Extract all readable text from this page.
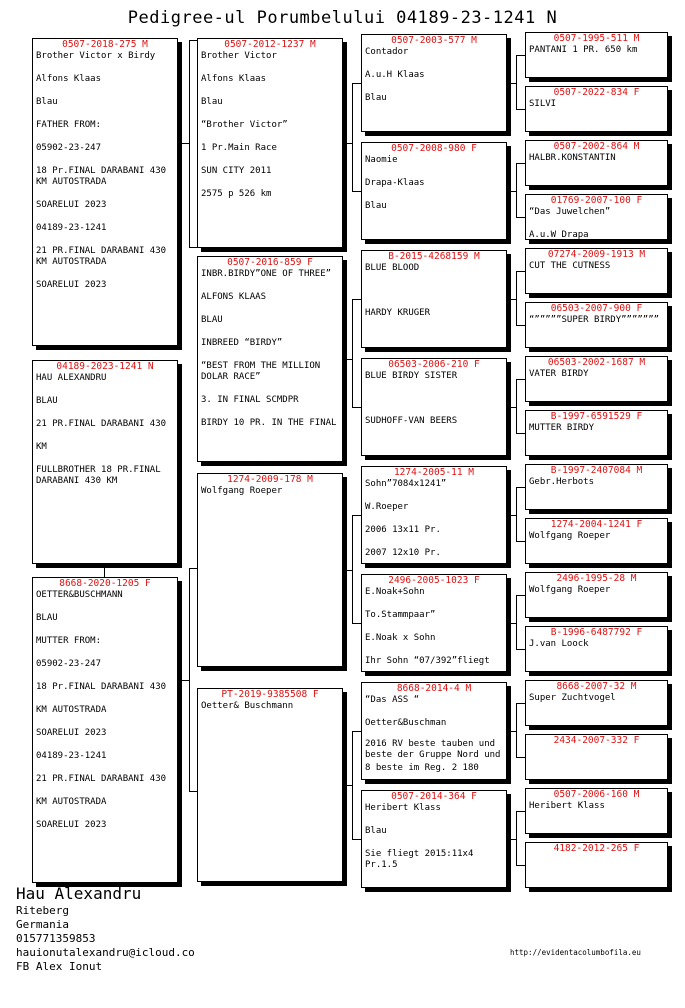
Pedigree-ul Porumbelului 04189-23-1241 N
0507-2018-275 M
Brother Victor x Birdy
Alfons Klaas
Blau
FATHER FROM:
05902-23-247
18 Pr.FINAL DARABANI 430 KM AUTOSTRADA
SOARELUI 2023
04189-23-1241
21 PR.FINAL DARABANI 430 KM AUTOSTRADA
SOARELUI 2023
04189-2023-1241 N
HAU ALEXANDRU
BLAU
21 PR.FINAL DARABANI 430
KM
FULLBROTHER 18 PR.FINAL DARABANI 430 KM
8668-2020-1205 F
OETTER&BUSCHMANN
BLAU
MUTTER FROM:
05902-23-247
18 Pr.FINAL DARABANI 430
KM AUTOSTRADA
SOARELUI 2023
04189-23-1241
21 PR.FINAL DARABANI 430
KM AUTOSTRADA
SOARELUI 2023
0507-2012-1237 M
Brother Victor
Alfons Klaas
Blau
“Brother Victor”
1 Pr.Main Race
SUN CITY 2011
2575 p 526 km
0507-2016-859 F
INBR.BIRDY”ONE OF THREE”
ALFONS KLAAS
BLAU
INBREED “BIRDY”
“BEST FROM THE MILLION DOLAR RACE”
3. IN FINAL SCMDPR
BIRDY 10 PR. IN THE FINAL
1274-2009-178 M
Wolfgang Roeper
PT-2019-9385508 F
Oetter& Buschmann
0507-2003-577 M
Contador
A.u.H Klaas
Blau
0507-2008-980 F
Naomie
Drapa-Klaas
Blau
B-2015-4268159 M
BLUE BLOOD
HARDY KRUGER
06503-2006-210 F
BLUE BIRDY SISTER
SUDHOFF-VAN BEERS
1274-2005-11 M
Sohn”7084x1241”
W.Roeper
2006 13x11 Pr.
2007 12x10 Pr.
2496-2005-1023 F
E.Noak+Sohn
To.Stammpaar”
E.Noak x Sohn
Ihr Sohn “07/392”fliegt
8668-2014-4 M
“Das ASS “
Oetter&Buschman
2016 RV beste tauben und beste der Gruppe Nord und
8 beste im Reg. 2 180
0507-2014-364 F
Heribert Klass
Blau
Sie fliegt 2015:11x4 Pr.1.5
0507-1995-511 M
PANTANI 1 PR. 650 km
0507-2022-834 F
SILVI
0507-2002-864 M
HALBR.KONSTANTIN
01769-2007-100 F
“Das Juwelchen”
A.u.W Drapa
07274-2009-1913 M
CUT THE CUTNESS
06503-2007-900 F
“”””””SUPER BIRDY”””””””
06503-2002-1687 M
VATER BIRDY
B-1997-6591529 F
MUTTER BIRDY
B-1997-2407084 M
Gebr.Herbots
1274-2004-1241 F
Wolfgang Roeper
2496-1995-28 M
Wolfgang Roeper
B-1996-6487792 F
J.van Loock
8668-2007-32 M
Super Zuchtvogel
2434-2007-332 F
0507-2006-160 M
Heribert Klass
4182-2012-265 F
Hau Alexandru
Riteberg
Germania
015771359853
hauionutalexandru@icloud.co
FB Alex Ionut
http://evidentacolumbofila.eu
